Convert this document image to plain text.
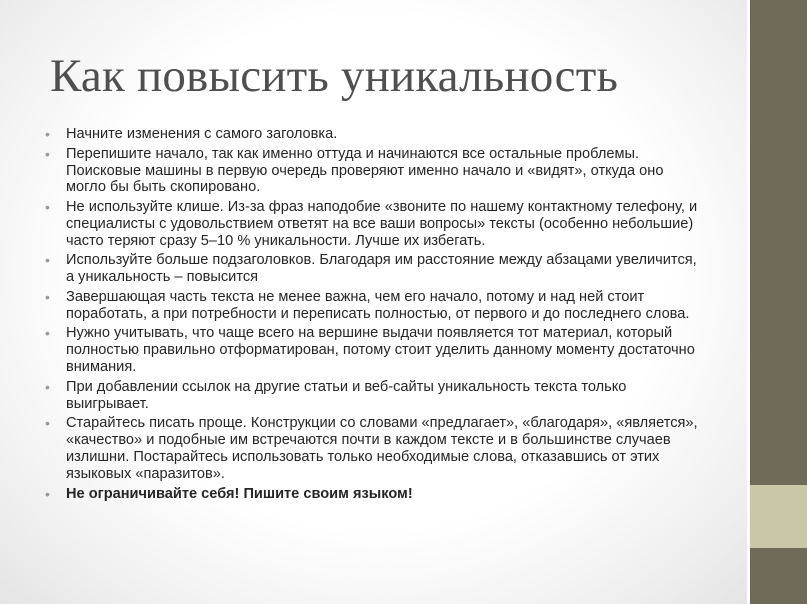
Как повысить уникальность
• Начните изменения с самого заголовка.
• Перепишите начало, так как именно оттуда и начинаются все остальные проблемы. Поисковые машины в первую очередь проверяют именно начало и «видят», откуда оно могло бы быть скопировано.
• Не используйте клише. Из-за фраз наподобие «звоните по нашему контактному телефону, и специалисты с удовольствием ответят на все ваши вопросы» тексты (особенно небольшие) часто теряют сразу 5–10 % уникальности. Лучше их избегать.
• Используйте больше подзаголовков. Благодаря им расстояние между абзацами увеличится, а уникальность – повысится
• Завершающая часть текста не менее важна, чем его начало, потому и над ней стоит поработать, а при потребности и переписать полностью, от первого и до последнего слова.
• Нужно учитывать, что чаще всего на вершине выдачи появляется тот материал, который полностью правильно отформатирован, потому стоит уделить данному моменту достаточно внимания.
• При добавлении ссылок на другие статьи и веб-сайты уникальность текста только выигрывает.
• Старайтесь писать проще. Конструкции со словами «предлагает», «благодаря», «является», «качество» и подобные им встречаются почти в каждом тексте и в большинстве случаев излишни. Постарайтесь использовать только необходимые слова, отказавшись от этих языковых «паразитов».
• Не ограничивайте себя! Пишите своим языком!
